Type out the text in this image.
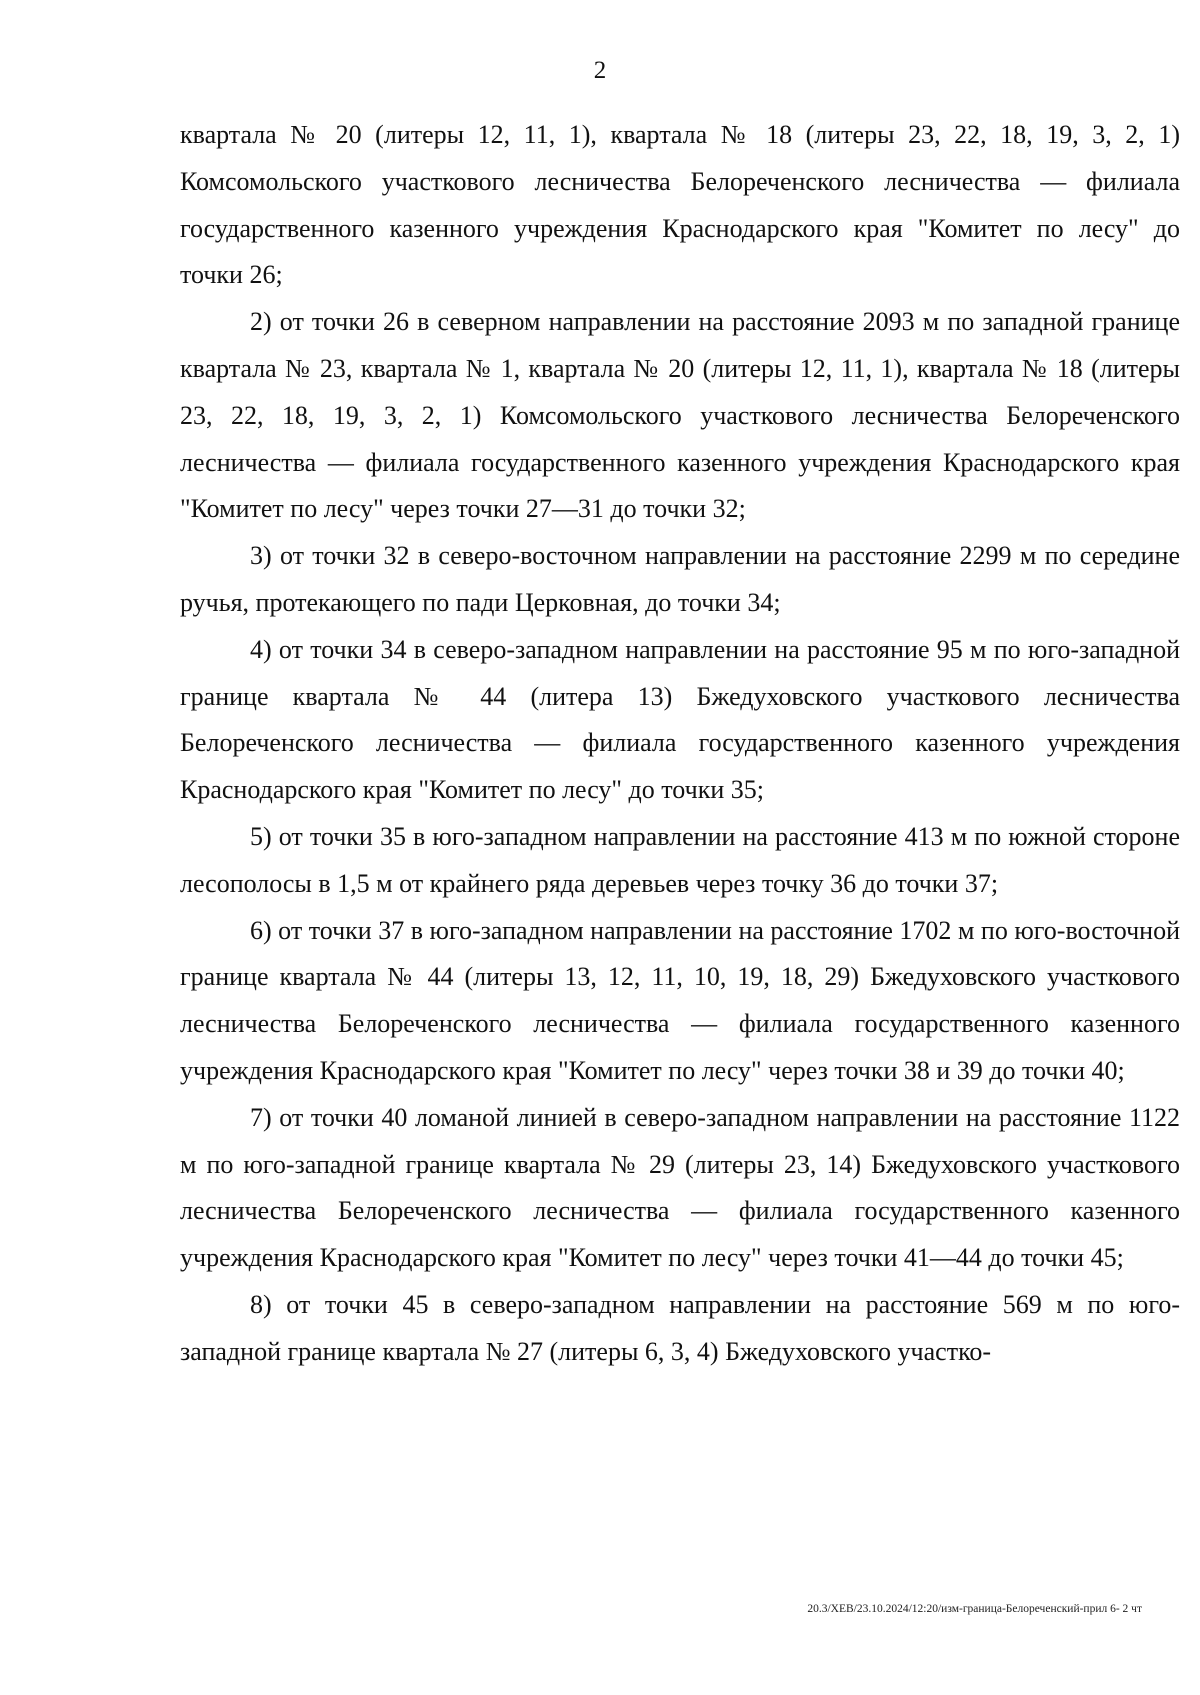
2

квартала № 20 (литеры 12, 11, 1), квартала № 18 (литеры 23, 22, 18, 19, 3, 2, 1) Комсомольского участкового лесничества Белореченского лесничества — филиала государственного казенного учреждения Краснодарского края "Комитет по лесу" до точки 26;

2) от точки 26 в северном направлении на расстояние 2093 м по западной границе квартала № 23, квартала № 1, квартала № 20 (литеры 12, 11, 1), квартала № 18 (литеры 23, 22, 18, 19, 3, 2, 1) Комсомольского участкового лесничества Белореченского лесничества — филиала государственного казенного учреждения Краснодарского края "Комитет по лесу" через точки 27—31 до точки 32;

3) от точки 32 в северо-восточном направлении на расстояние 2299 м по середине ручья, протекающего по пади Церковная, до точки 34;

4) от точки 34 в северо-западном направлении на расстояние 95 м по юго-западной границе квартала № 44 (литера 13) Бжедуховского участкового лесничества Белореченского лесничества — филиала государственного казенного учреждения Краснодарского края "Комитет по лесу" до точки 35;

5) от точки 35 в юго-западном направлении на расстояние 413 м по южной стороне лесополосы в 1,5 м от крайнего ряда деревьев через точку 36 до точки 37;

6) от точки 37 в юго-западном направлении на расстояние 1702 м по юго-восточной границе квартала № 44 (литеры 13, 12, 11, 10, 19, 18, 29) Бжедуховского участкового лесничества Белореченского лесничества — филиала государственного казенного учреждения Краснодарского края "Комитет по лесу" через точки 38 и 39 до точки 40;

7) от точки 40 ломаной линией в северо-западном направлении на расстояние 1122 м по юго-западной границе квартала № 29 (литеры 23, 14) Бжедуховского участкового лесничества Белореченского лесничества — филиала государственного казенного учреждения Краснодарского края "Комитет по лесу" через точки 41—44 до точки 45;

8) от точки 45 в северо-западном направлении на расстояние 569 м по юго-западной границе квартала № 27 (литеры 6, 3, 4) Бжедуховского участко-

20.3/ХЕВ/23.10.2024/12:20/изм-граница-Белореченский-прил 6- 2 чт
